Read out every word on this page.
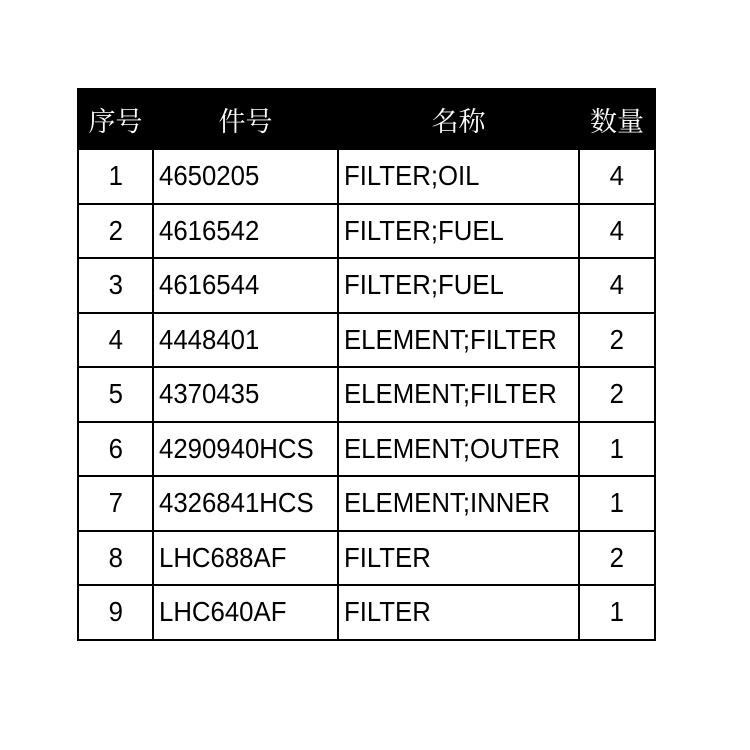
序号	件号	名称	数量
1	4650205	FILTER;OIL	4
2	4616542	FILTER;FUEL	4
3	4616544	FILTER;FUEL	4
4	4448401	ELEMENT;FILTER	2
5	4370435	ELEMENT;FILTER	2
6	4290940HCS	ELEMENT;OUTER	1
7	4326841HCS	ELEMENT;INNER	1
8	LHC688AF	FILTER	2
9	LHC640AF	FILTER	1
